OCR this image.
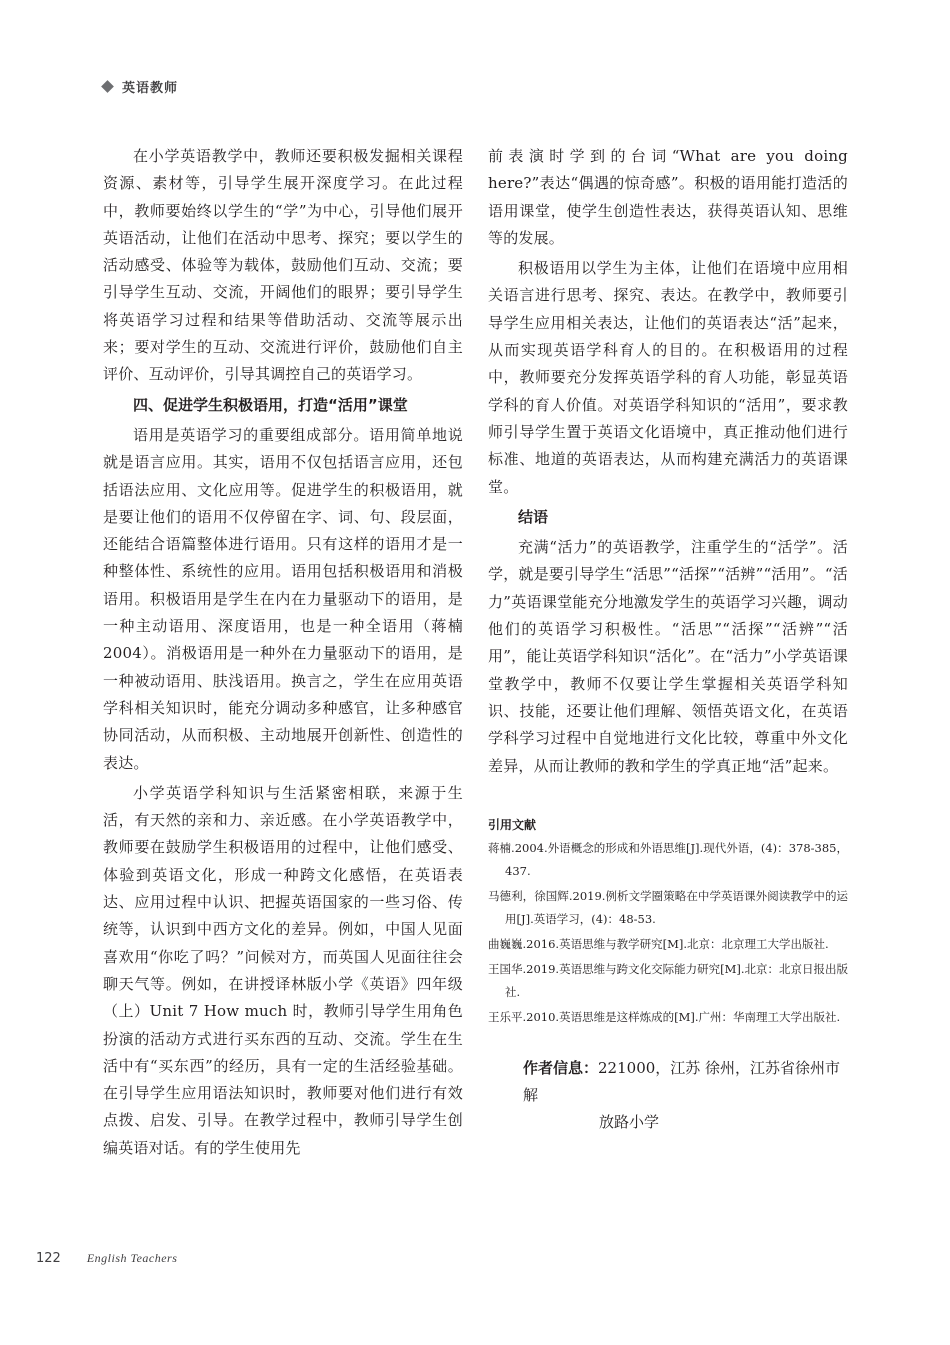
英语教师

在小学英语教学中，教师还要积极发掘相关课程资源、素材等，引导学生展开深度学习。在此过程中，教师要始终以学生的“学”为中心，引导他们展开英语活动，让他们在活动中思考、探究；要以学生的活动感受、体验等为载体，鼓励他们互动、交流；要引导学生互动、交流，开阔他们的眼界；要引导学生将英语学习过程和结果等借助活动、交流等展示出来；要对学生的互动、交流进行评价，鼓励他们自主评价、互动评价，引导其调控自己的英语学习。

四、促进学生积极语用，打造“活用”课堂

语用是英语学习的重要组成部分。语用简单地说就是语言应用。其实，语用不仅包括语言应用，还包括语法应用、文化应用等。促进学生的积极语用，就是要让他们的语用不仅停留在字、词、句、段层面，还能结合语篇整体进行语用。只有这样的语用才是一种整体性、系统性的应用。语用包括积极语用和消极语用。积极语用是学生在内在力量驱动下的语用，是一种主动语用、深度语用，也是一种全语用（蒋楠 2004）。消极语用是一种外在力量驱动下的语用，是一种被动语用、肤浅语用。换言之，学生在应用英语学科相关知识时，能充分调动多种感官，让多种感官协同活动，从而积极、主动地展开创新性、创造性的表达。

小学英语学科知识与生活紧密相联，来源于生活，有天然的亲和力、亲近感。在小学英语教学中，教师要在鼓励学生积极语用的过程中，让他们感受、体验到英语文化，形成一种跨文化感悟，在英语表达、应用过程中认识、把握英语国家的一些习俗、传统等，认识到中西方文化的差异。例如，中国人见面喜欢用“你吃了吗？”问候对方，而英国人见面往往会聊天气等。例如，在讲授译林版小学《英语》四年级（上）Unit 7 How much 时，教师引导学生用角色扮演的活动方式进行买东西的互动、交流。学生在生活中有“买东西”的经历，具有一定的生活经验基础。在引导学生应用语法知识时，教师要对他们进行有效点拨、启发、引导。在教学过程中，教师引导学生创编英语对话。有的学生使用先

前表演时学到的台词“What are you doing here?”表达“偶遇的惊奇感”。积极的语用能打造活的语用课堂，使学生创造性表达，获得英语认知、思维等的发展。

积极语用以学生为主体，让他们在语境中应用相关语言进行思考、探究、表达。在教学中，教师要引导学生应用相关表达，让他们的英语表达“活”起来，从而实现英语学科育人的目的。在积极语用的过程中，教师要充分发挥英语学科的育人功能，彰显英语学科的育人价值。对英语学科知识的“活用”，要求教师引导学生置于英语文化语境中，真正推动他们进行标准、地道的英语表达，从而构建充满活力的英语课堂。

结语

充满“活力”的英语教学，注重学生的“活学”。活学，就是要引导学生“活思”“活探”“活辨”“活用”。“活力”英语课堂能充分地激发学生的英语学习兴趣，调动他们的英语学习积极性。“活思”“活探”“活辨”“活用”，能让英语学科知识“活化”。在“活力”小学英语课堂教学中，教师不仅要让学生掌握相关英语学科知识、技能，还要让他们理解、领悟英语文化，在英语学科学习过程中自觉地进行文化比较，尊重中外文化差异，从而让教师的教和学生的学真正地“活”起来。

引用文献

蒋楠.2004.外语概念的形成和外语思维[J].现代外语，(4)：378-385，437.

马德利，徐国辉.2019.例析文学圈策略在中学英语课外阅读教学中的运用[J].英语学习，(4)：48-53.

曲巍巍.2016.英语思维与教学研究[M].北京：北京理工大学出版社.

王国华.2019.英语思维与跨文化交际能力研究[M].北京：北京日报出版社.

王乐平.2010.英语思维是这样炼成的[M].广州：华南理工大学出版社.

作者信息：221000，江苏 徐州，江苏省徐州市解
放路小学
122 English Teachers
